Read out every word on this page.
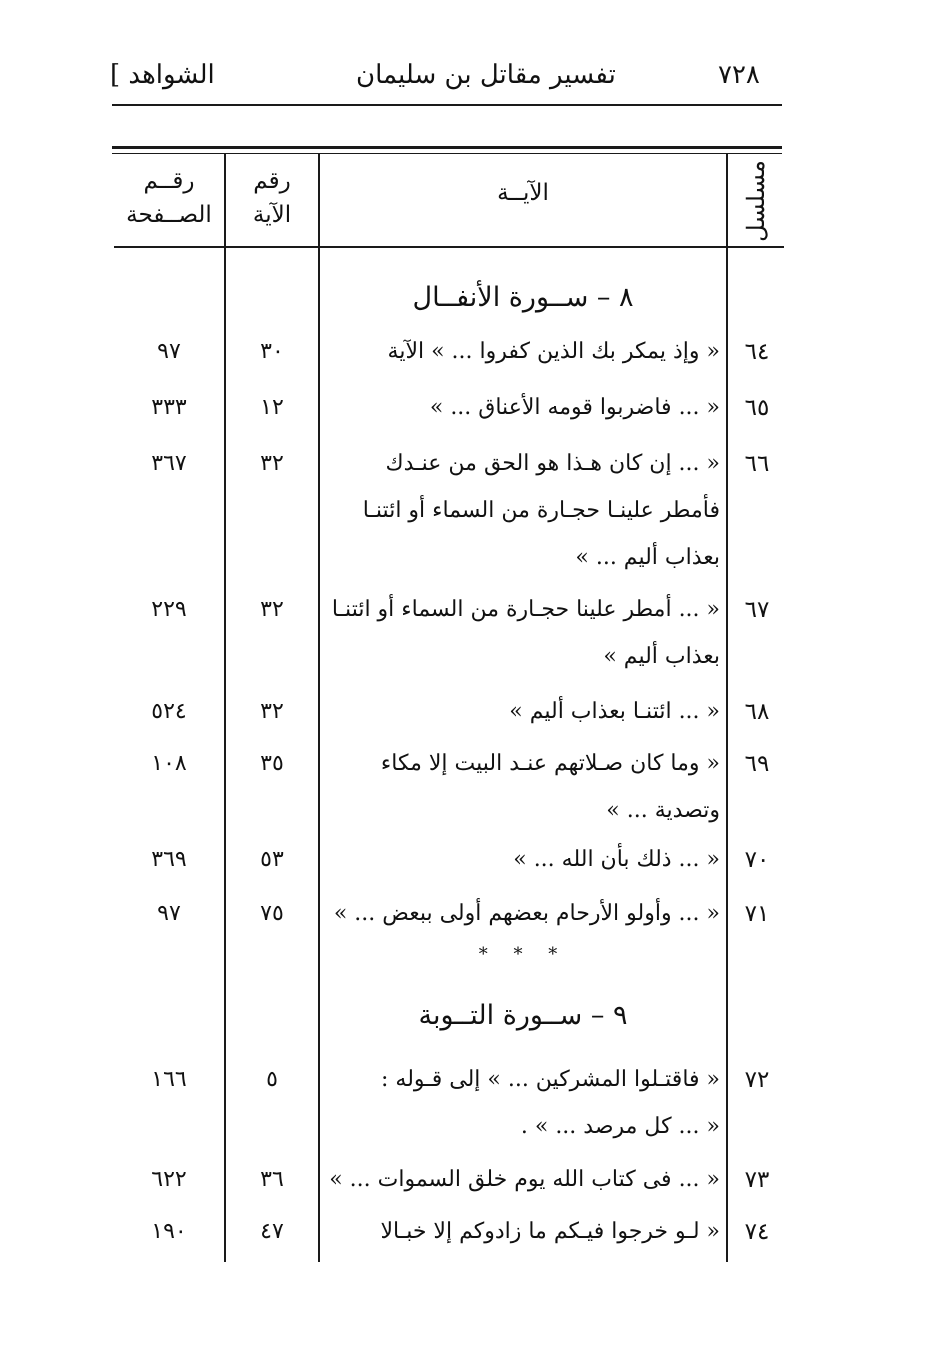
٧٢٨
تفسير مقاتل بن سليمان
[ الشواهد
مسلسل
الآيــة
رقم
الآية
رقــم
الصــفحة
٨ – ســورة الأنفــال
٦٤
« وإذ يمكر بك الذين كفروا ... » الآية
٣٠
٩٧
٦٥
« ... فاضربوا قومه الأعناق ... »
١٢
٣٣٣
٦٦
« ... إن كان هـذا هو الحق من عنـدك
فأمطر علينـا حجـارة من السماء أو ائتنـا
بعذاب أليم ... »
٣٢
٣٦٧
٦٧
« ... أمطر علينا حجـارة من السماء أو ائتنـا
بعذاب أليم »
٣٢
٢٢٩
٦٨
« ... ائتنـا بعذاب أليم »
٣٢
٥٢٤
٦٩
« وما كان صـلاتهم عنـد البيت إلا مكاء
وتصدية ... »
٣٥
١٠٨
٧٠
« ... ذلك بأن الله ... »
٥٣
٣٦٩
٧١
« ... وأولو الأرحام بعضهم أولى ببعض ... »
٧٥
٩٧
* * *
٩ – ســورة التــوبة
٧٢
« فاقتـلوا المشركين ... » إلى قـوله :
« ... كل مرصد ... » .
٥
١٦٦
٧٣
« ... فى كتاب الله يوم خلق السموات ... »
٣٦
٦٢٢
٧٤
« لـو خرجوا فيـكم ما زادوكم إلا خبـالا
٤٧
١٩٠
